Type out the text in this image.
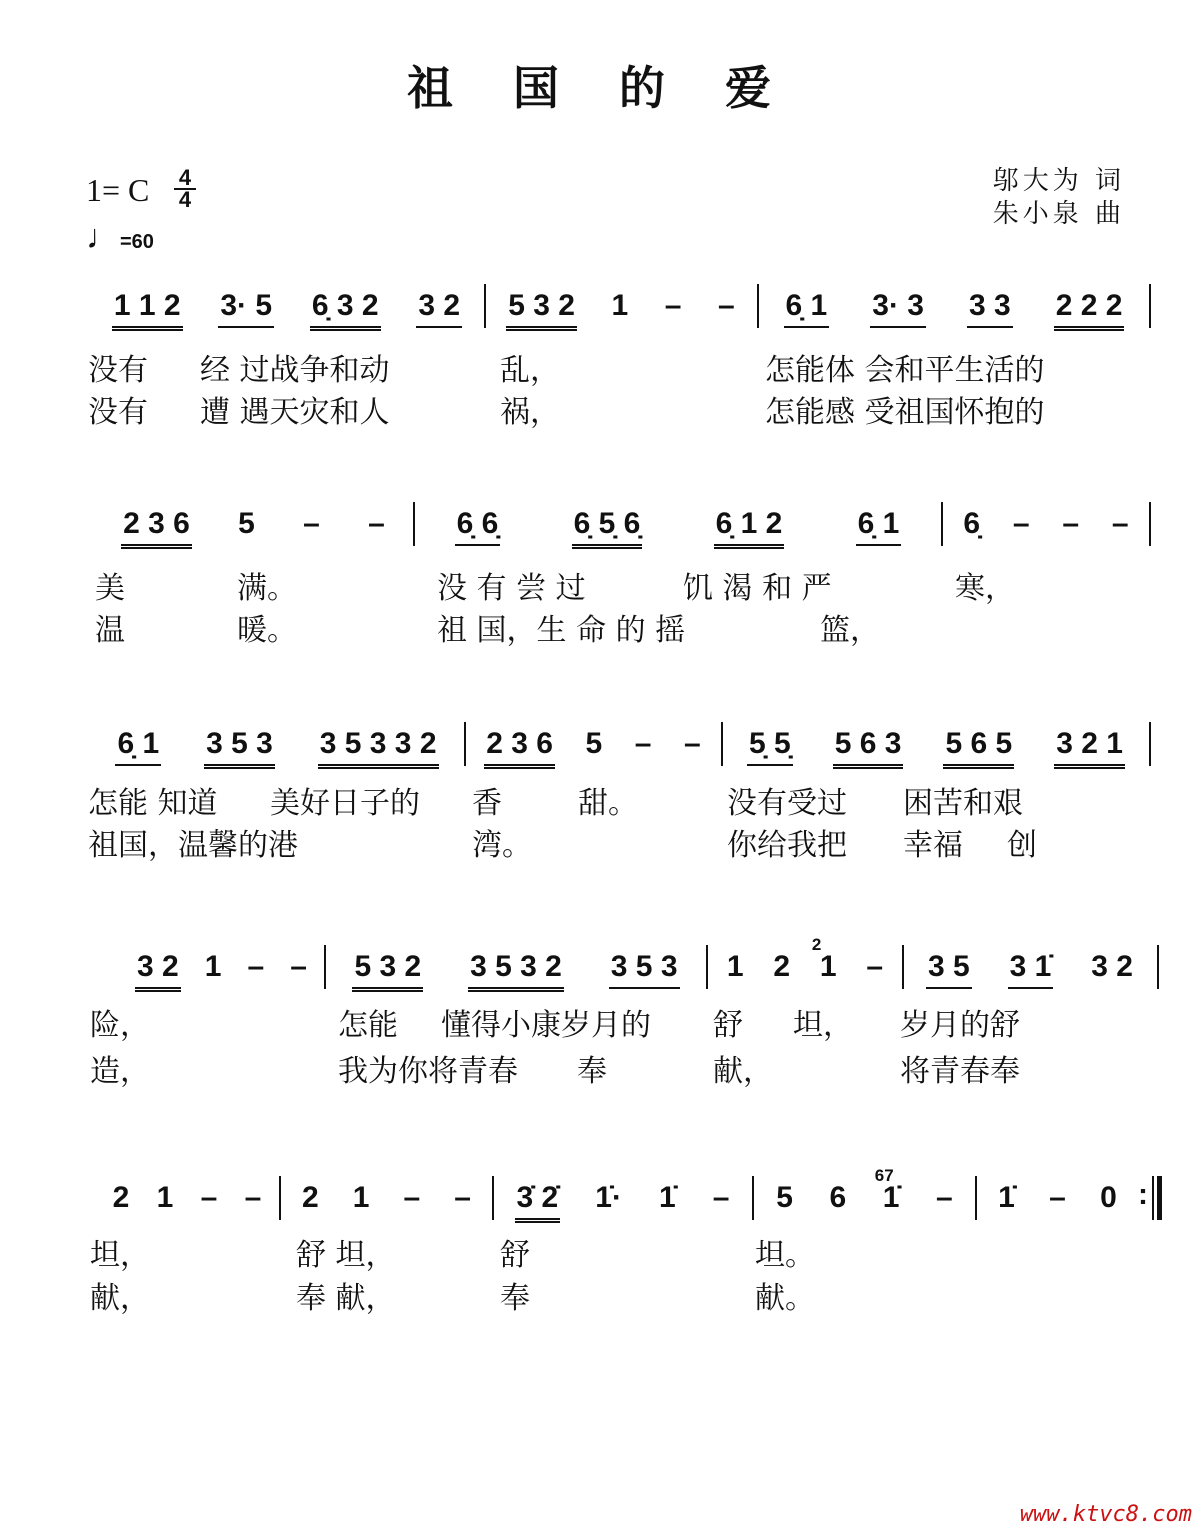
祖 国 的 爱
邬大为 词
朱小泉 曲
1= C 4
4
♩=60
1 1 2 3· 5 6̣ 3 2 3 2 5 3 2 1 – – 6̣ 1 3· 3 3 3 2 2 2
没有 经 过战争和动	乱，	怎能体 会和平生活的
没有 遭 遇天灾和人	祸，	怎能感 受祖国怀抱的
2 3 6 5 – – 6̣ 6̣	6̣ 5̣ 6̣	6̣ 1 2	6̣ 1 6̣ – – –
美	满。	没 有 尝 过	饥 渴 和 严	寒，
温	暖。	祖 国，生 命 的 摇	篮，
6̣ 1 3 5 3 3 5 3 3 2 2 3 6 5 – – 5̣ 5̣ 5 6 3 5 6 5 3 2 1
怎能 知道 美好日子的 香	甜。	没有受过 困苦和艰
祖国，温馨的港	湾。	你给我把 幸福 创
3 2 1 – – 5 3 2 3 5 3 2 3 5 3 1 2 1
2
– 3 5 3 1̇ 3 2
险，	怎能 懂得小康岁月的 舒 坦， 岁月的舒
造，	我为你将青春 奉	献，	将青春奉
2 1 – – 2 1 – – 3̇ 2̇ 1̇· 1̇ – 5 6 1̇
67
– 1̇ – 0 :
坦，	舒 坦，	舒	坦。
献，	奉 献，	奉	献。
www.ktvc8.com
